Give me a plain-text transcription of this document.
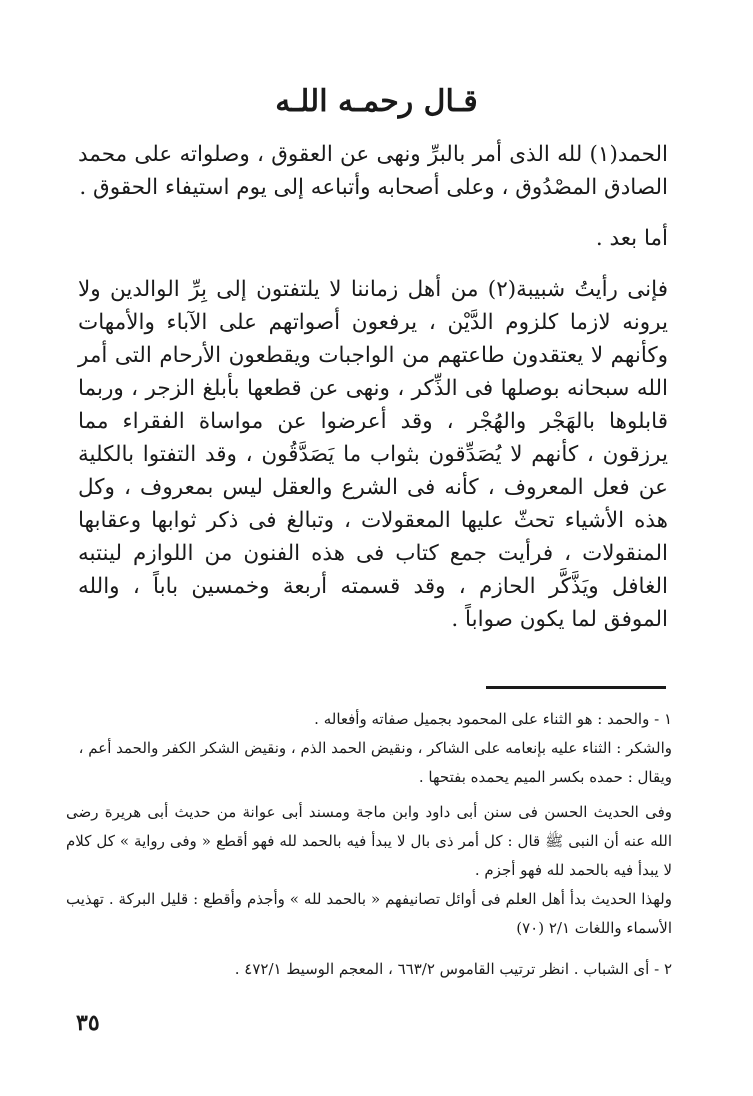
قـال رحمـه اللـه

الحمد(١) لله الذى أمر بالبرِّ ونهى عن العقوق ، وصلواته على محمد الصادق المصْدُوق ، وعلى أصحابه وأتباعه إلى يوم استيفاء الحقوق .

أما بعد .

فإنى رأيتُ شبيبة(٢) من أهل زماننا لا يلتفتون إلى بِرِّ الوالدين ولا يرونه لازما كلزوم الدَّيْن ، يرفعون أصواتهم على الآباء والأمهات وكأنهم لا يعتقدون طاعتهم من الواجبات ويقطعون الأرحام التى أمر الله سبحانه بوصلها فى الذِّكر ، ونهى عن قطعها بأبلغ الزجر ، وربما قابلوها بالهَجْر والهُجْر ، وقد أعرضوا عن مواساة الفقراء مما يرزقون ، كأنهم لا يُصَدِّقون بثواب ما يَصَدَّقُون ، وقد التفتوا بالكلية عن فعل المعروف ، كأنه فى الشرع والعقل ليس بمعروف ، وكل هذه الأشياء تحثّ عليها المعقولات ، وتبالغ فى ذكر ثوابها وعقابها المنقولات ، فرأيت جمع كتاب فى هذه الفنون من اللوازم لينتبه الغافل ويَذَّكَّر الحازم ، وقد قسمته أربعة وخمسين باباً ، والله الموفق لما يكون صواباً .

١ - والحمد : هو الثناء على المحمود بجميل صفاته وأفعاله .

والشكر : الثناء عليه بإنعامه على الشاكر ، ونقيض الحمد الذم ، ونقيض الشكر الكفر والحمد أعم ،

ويقال : حمده بكسر الميم يحمده بفتحها .

وفى الحديث الحسن فى سنن أبى داود وابن ماجة ومسند أبى عوانة من حديث أبى هريرة رضى الله عنه أن النبى ﷺ قال : كل أمر ذى بال لا يبدأ فيه بالحمد لله فهو أقطع « وفى رواية » كل كلام لا يبدأ فيه بالحمد لله فهو أجزم .

ولهذا الحديث بدأ أهل العلم فى أوائل تصانيفهم « بالحمد لله » وأجذم وأقطع : قليل البركة . تهذيب الأسماء واللغات ٢/١ (٧٠)

٢ - أى الشباب . انظر ترتيب القاموس ٦٦٣/٢ ، المعجم الوسيط ٤٧٢/١ .

٣٥
